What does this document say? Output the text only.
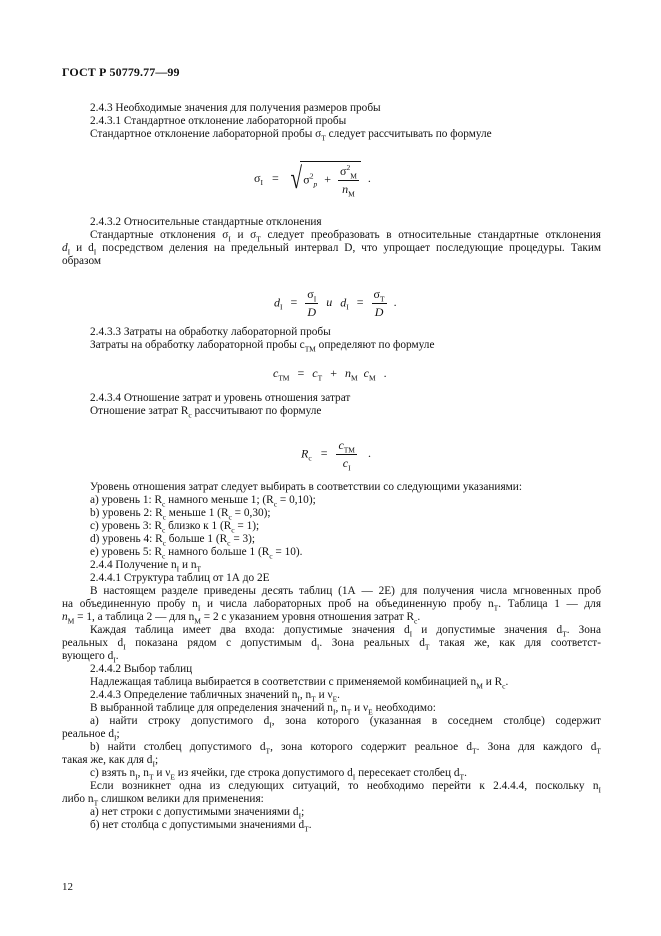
ГОСТ Р 50779.77—99
2.4.3 Необходимые значения для получения размеров пробы
2.4.3.1 Стандартное отклонение лабораторной пробы
Стандартное отклонение лабораторной пробы $\sigma_T$ следует рассчитывать по формуле
$\sigma_I = √\sigma^2_p + \frac{\sigma^2_M}{n_M}$ .
2.4.3.2 Относительные стандартные отклонения
Стандартные отклонения $\sigma_I$ и $\sigma_T$ следует преобразовать в относительные стандартные отклонения
$d_I$ и $d_I$ посредством деления на предельный интервал D, что упрощает последующие процедуры. Таким
образом
$d_I = \frac{\sigma_I}{D}$ и $d_I = \frac{\sigma_T}{D}$ .
2.4.3.3 Затраты на обработку лабораторной пробы
Затраты на обработку лабораторной пробы $c_{ТМ}$ определяют по формуле
$c_{ТМ} = c_Т + n_М$ $c_М$ .
2.4.3.4 Отношение затрат и уровень отношения затрат
Отношение затрат $R_с$ рассчитывают по формуле
$R_с = \frac{c_{ТМ}}{c_I}$ .
Уровень отношения затрат следует выбирать в соответствии со следующими указаниями:
а) уровень 1: $R_с$ намного меньше 1; $(R_с = 0,10)$;
b) уровень 2: $R_с$ меньше 1 $(R_с = 0,30)$;
с) уровень 3: $R_с$ близко к 1 $(R_с = 1)$;
d) уровень 4: $R_с$ больше 1 $(R_с = 3)$;
е) уровень 5: $R_с$ намного больше 1 $(R_с = 10)$.
2.4.4 Получение $n_I$ и $n_T$
2.4.4.1 Структура таблиц от 1А до 2Е
В настоящем разделе приведены десять таблиц (1А — 2Е) для получения числа мгновенных проб
на объединенную пробу $n_I$ и числа лабораторных проб на объединенную пробу $n_T$. Таблица 1 — для
$n_M = 1$, а таблица 2 — для $n_M = 2$ с указанием уровня отношения затрат $R_с$.
Каждая таблица имеет два входа: допустимые значения $d_I$ и допустимые значения $d_T$. Зона
реальных $d_I$ показана рядом с допустимым $d_I$. Зона реальных $d_T$ такая же, как для соответст-
вующего $d_I$.
2.4.4.2 Выбор таблиц
Надлежащая таблица выбирается в соответствии с применяемой комбинацией $n_M$ и $R_с$.
2.4.4.3 Определение табличных значений $n_I$, $n_T$ и $\nu_Е$.
В выбранной таблице для определения значений $n_I$, $n_T$ и $\nu_Е$ необходимо:
а) найти строку допустимого $d_I$, зона которого (указанная в соседнем столбце) содержит
реальное $d_I$;
b) найти столбец допустимого $d_T$, зона которого содержит реальное $d_T$. Зона для каждого $d_T$
такая же, как для $d_I$;
с) взять $n_I$, $n_T$ и $\nu_Е$ из ячейки, где строка допустимого $d_I$ пересекает столбец $d_T$.
Если возникнет одна из следующих ситуаций, то необходимо перейти к 2.4.4.4, поскольку $n_I$
либо $n_T$ слишком велики для применения:
а) нет строки с допустимыми значениями $d_I$;
б) нет столбца с допустимыми значениями $d_T$.
12
